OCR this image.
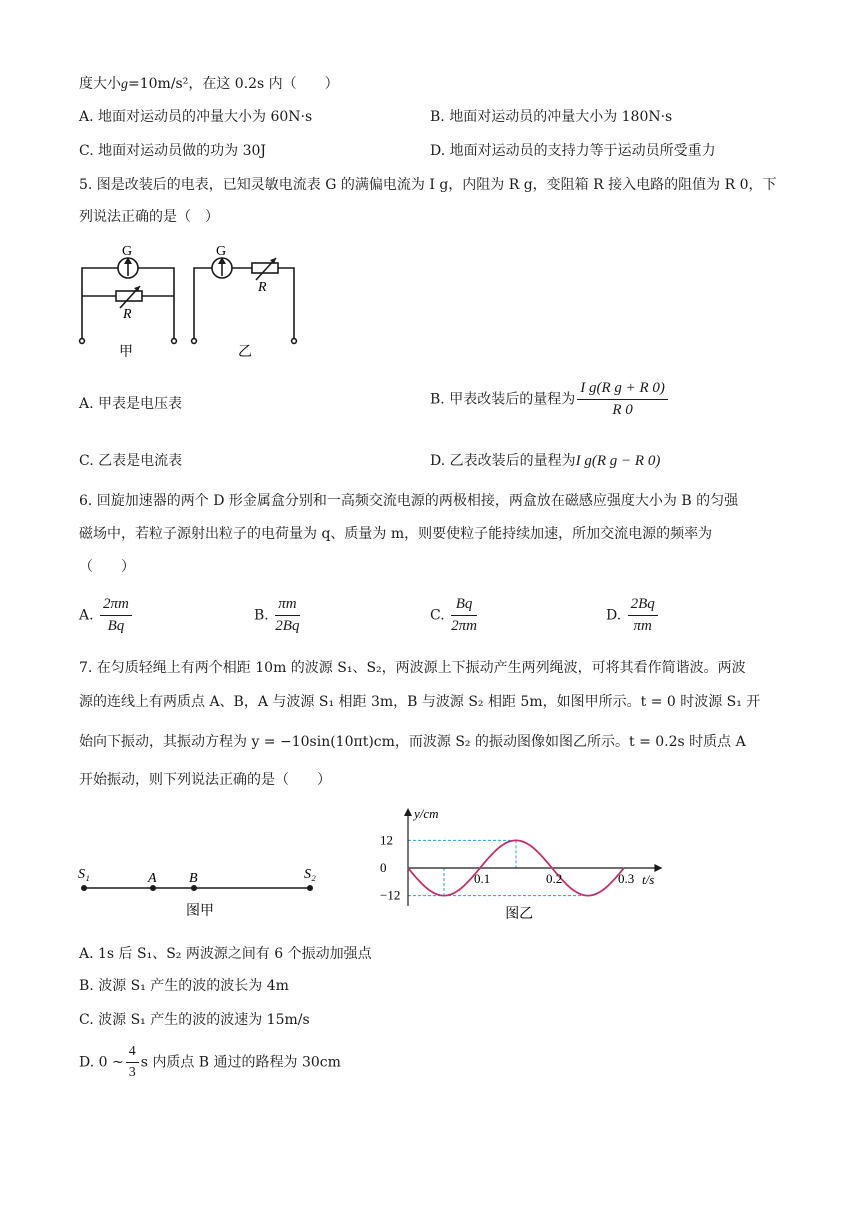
度大小g=10m/s²，在这 0.2s 内（　　）
A. 地面对运动员的冲量大小为 60N·s	B. 地面对运动员的冲量大小为 180N·s
C. 地面对运动员做的功为 30J	D. 地面对运动员的支持力等于运动员所受重力
5. 图是改装后的电表，已知灵敏电流表 G 的满偏电流为 I g，内阻为 R g，变阻箱 R 接入电路的阻值为 R 0，下
列说法正确的是（　）
G	G
R
R
甲	乙
A. 甲表是电压表	B. 甲表改装后的量程为 $\frac{\text{I g(R g + R 0)}}{R 0}$
C. 乙表是电流表	D. 乙表改装后的量程为I g(R g − R 0)
6. 回旋加速器的两个 D 形金属盒分别和一高频交流电源的两极相接，两盒放在磁感应强度大小为 B 的匀强
磁场中，若粒子源射出粒子的电荷量为 q、质量为 m，则要使粒子能持续加速，所加交流电源的频率为
（　　）
A. $\frac{2\pi m}{Bq}$	B. $\frac{\pi m}{2Bq}$	C. $\frac{Bq}{2\pi m}$	D. $\frac{2Bq}{\pi m}$
7. 在匀质轻绳上有两个相距 10m 的波源 S₁、S₂，两波源上下振动产生两列绳波，可将其看作简谐波。两波
源的连线上有两质点 A、B，A 与波源 S₁ 相距 3m，B 与波源 S₂ 相距 5m，如图甲所示。t = 0 时波源 S₁ 开
始向下振动，其振动方程为 y = −10sin(10πt)cm，而波源 S₂ 的振动图像如图乙所示。t = 0.2s 时质点 A
开始振动，则下列说法正确的是（　　）
S₁	A B	S₂
图甲
y/cm
t/s
12
0
−12
0.1	0.2	0.3
图乙
A. 1s 后 S₁、S₂ 两波源之间有 6 个振动加强点
B. 波源 S₁ 产生的波的波长为 4m
C. 波源 S₁ 产生的波的波速为 15m/s
D. 0 ~ $\frac{4}{3}$ s 内质点 B 通过的路程为 30cm
